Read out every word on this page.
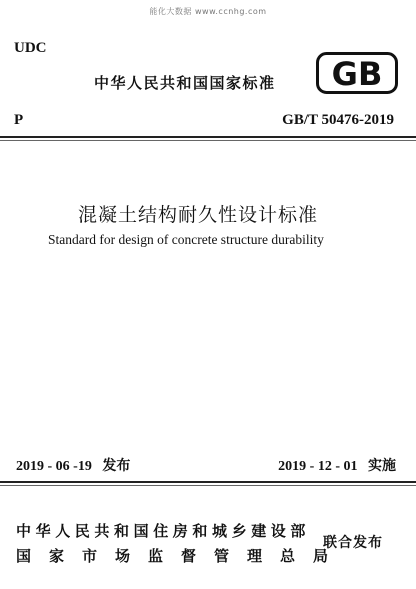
能化大数据 www.ccnhg.com
UDC
中华人民共和国国家标准 GB
P	GB/T 50476-2019
混凝土结构耐久性设计标准
Standard for design of concrete structure durability
2019 - 06 -19   发布	2019 - 12 - 01   实施
中华人民共和国住房和城乡建设部
国家市场监督管理总局
联合发布
